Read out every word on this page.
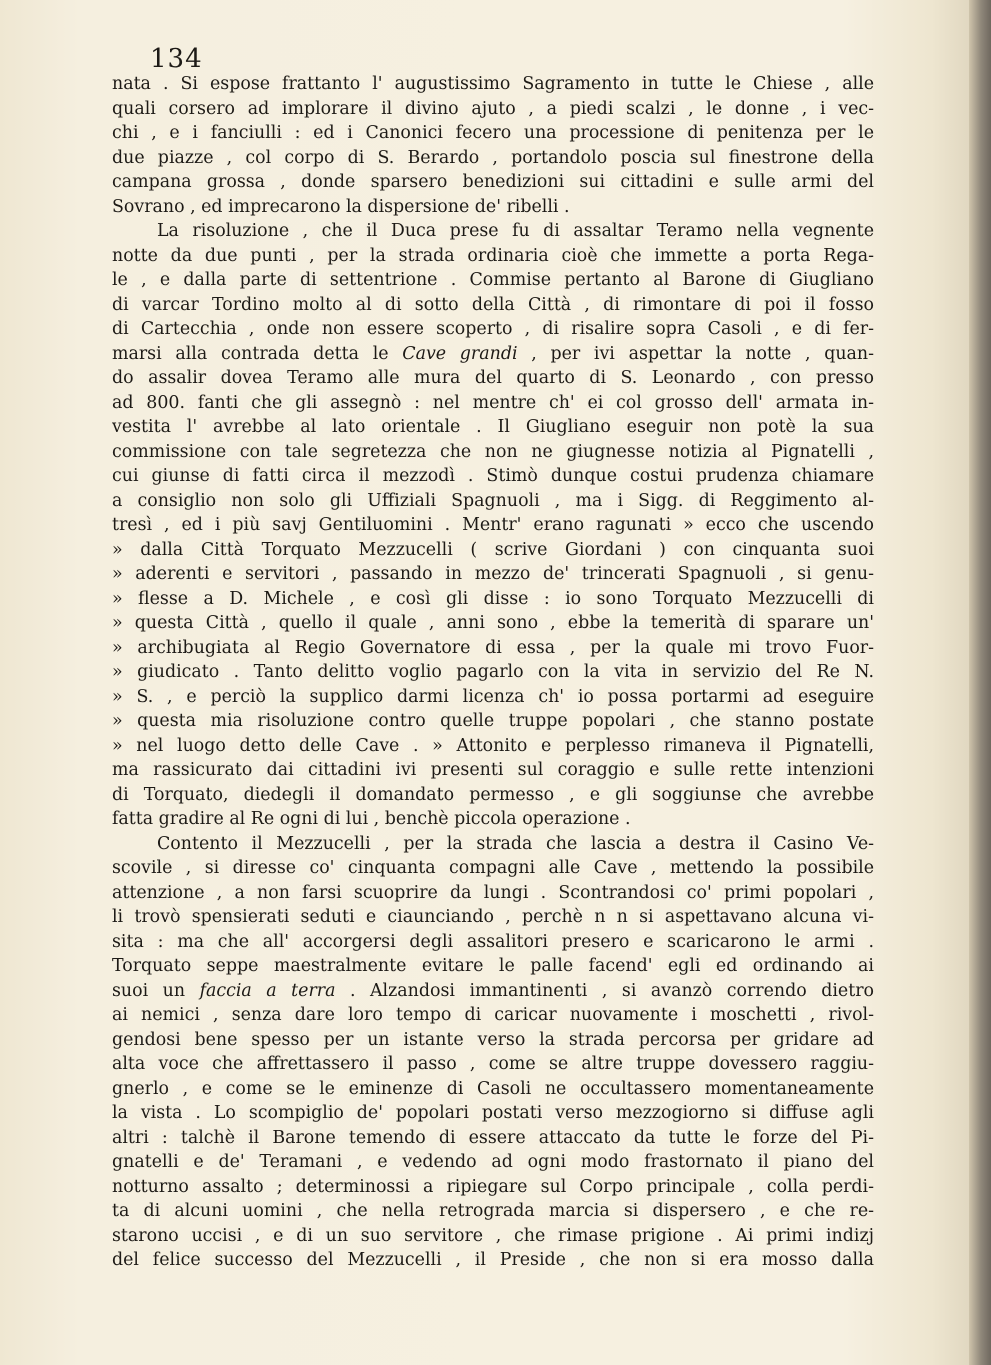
134
nata . Si espose frattanto l' augustissimo Sagramento in tutte le Chiese , alle
quali corsero ad implorare il divino ajuto , a piedi scalzi , le donne , i vec-
chi , e i fanciulli : ed i Canonici fecero una processione di penitenza per le
due piazze , col corpo di S. Berardo , portandolo poscia sul finestrone della
campana grossa , donde sparsero benedizioni sui cittadini e sulle armi del
Sovrano , ed imprecarono la dispersione de' ribelli .
La risoluzione , che il Duca prese fu di assaltar Teramo nella vegnente
notte da due punti , per la strada ordinaria cioè che immette a porta Rega-
le , e dalla parte di settentrione . Commise pertanto al Barone di Giugliano
di varcar Tordino molto al di sotto della Città , di rimontare di poi il fosso
di Cartecchia , onde non essere scoperto , di risalire sopra Casoli , e di fer-
marsi alla contrada detta le Cave grandi , per ivi aspettar la notte , quan-
do assalir dovea Teramo alle mura del quarto di S. Leonardo , con presso
ad 800. fanti che gli assegnò : nel mentre ch' ei col grosso dell' armata in-
vestita l' avrebbe al lato orientale . Il Giugliano eseguir non potè la sua
commissione con tale segretezza che non ne giugnesse notizia al Pignatelli ,
cui giunse di fatti circa il mezzodì . Stimò dunque costui prudenza chiamare
a consiglio non solo gli Uffiziali Spagnuoli , ma i Sigg. di Reggimento al-
tresì , ed i più savj Gentiluomini . Mentr' erano ragunati » ecco che uscendo
» dalla Città Torquato Mezzucelli ( scrive Giordani ) con cinquanta suoi
» aderenti e servitori , passando in mezzo de' trincerati Spagnuoli , si genu-
» flesse a D. Michele , e così gli disse : io sono Torquato Mezzucelli di
» questa Città , quello il quale , anni sono , ebbe la temerità di sparare un'
» archibugiata al Regio Governatore di essa , per la quale mi trovo Fuor-
» giudicato . Tanto delitto voglio pagarlo con la vita in servizio del Re N.
» S. , e perciò la supplico darmi licenza ch' io possa portarmi ad eseguire
» questa mia risoluzione contro quelle truppe popolari , che stanno postate
» nel luogo detto delle Cave . » Attonito e perplesso rimaneva il Pignatelli,
ma rassicurato dai cittadini ivi presenti sul coraggio e sulle rette intenzioni
di Torquato, diedegli il domandato permesso , e gli soggiunse che avrebbe
fatta gradire al Re ogni di lui , benchè piccola operazione .
Contento il Mezzucelli , per la strada che lascia a destra il Casino Ve-
scovile , si diresse co' cinquanta compagni alle Cave , mettendo la possibile
attenzione , a non farsi scuoprire da lungi . Scontrandosi co' primi popolari ,
li trovò spensierati seduti e ciaunciando , perchè n n si aspettavano alcuna vi-
sita : ma che all' accorgersi degli assalitori presero e scaricarono le armi .
Torquato seppe maestralmente evitare le palle facend' egli ed ordinando ai
suoi un faccia a terra . Alzandosi immantinenti , si avanzò correndo dietro
ai nemici , senza dare loro tempo di caricar nuovamente i moschetti , rivol-
gendosi bene spesso per un istante verso la strada percorsa per gridare ad
alta voce che affrettassero il passo , come se altre truppe dovessero raggiu-
gnerlo , e come se le eminenze di Casoli ne occultassero momentaneamente
la vista . Lo scompiglio de' popolari postati verso mezzogiorno si diffuse agli
altri : talchè il Barone temendo di essere attaccato da tutte le forze del Pi-
gnatelli e de' Teramani , e vedendo ad ogni modo frastornato il piano del
notturno assalto ; determinossi a ripiegare sul Corpo principale , colla perdi-
ta di alcuni uomini , che nella retrograda marcia si dispersero , e che re-
starono uccisi , e di un suo servitore , che rimase prigione . Ai primi indizj
del felice successo del Mezzucelli , il Preside , che non si era mosso dalla
